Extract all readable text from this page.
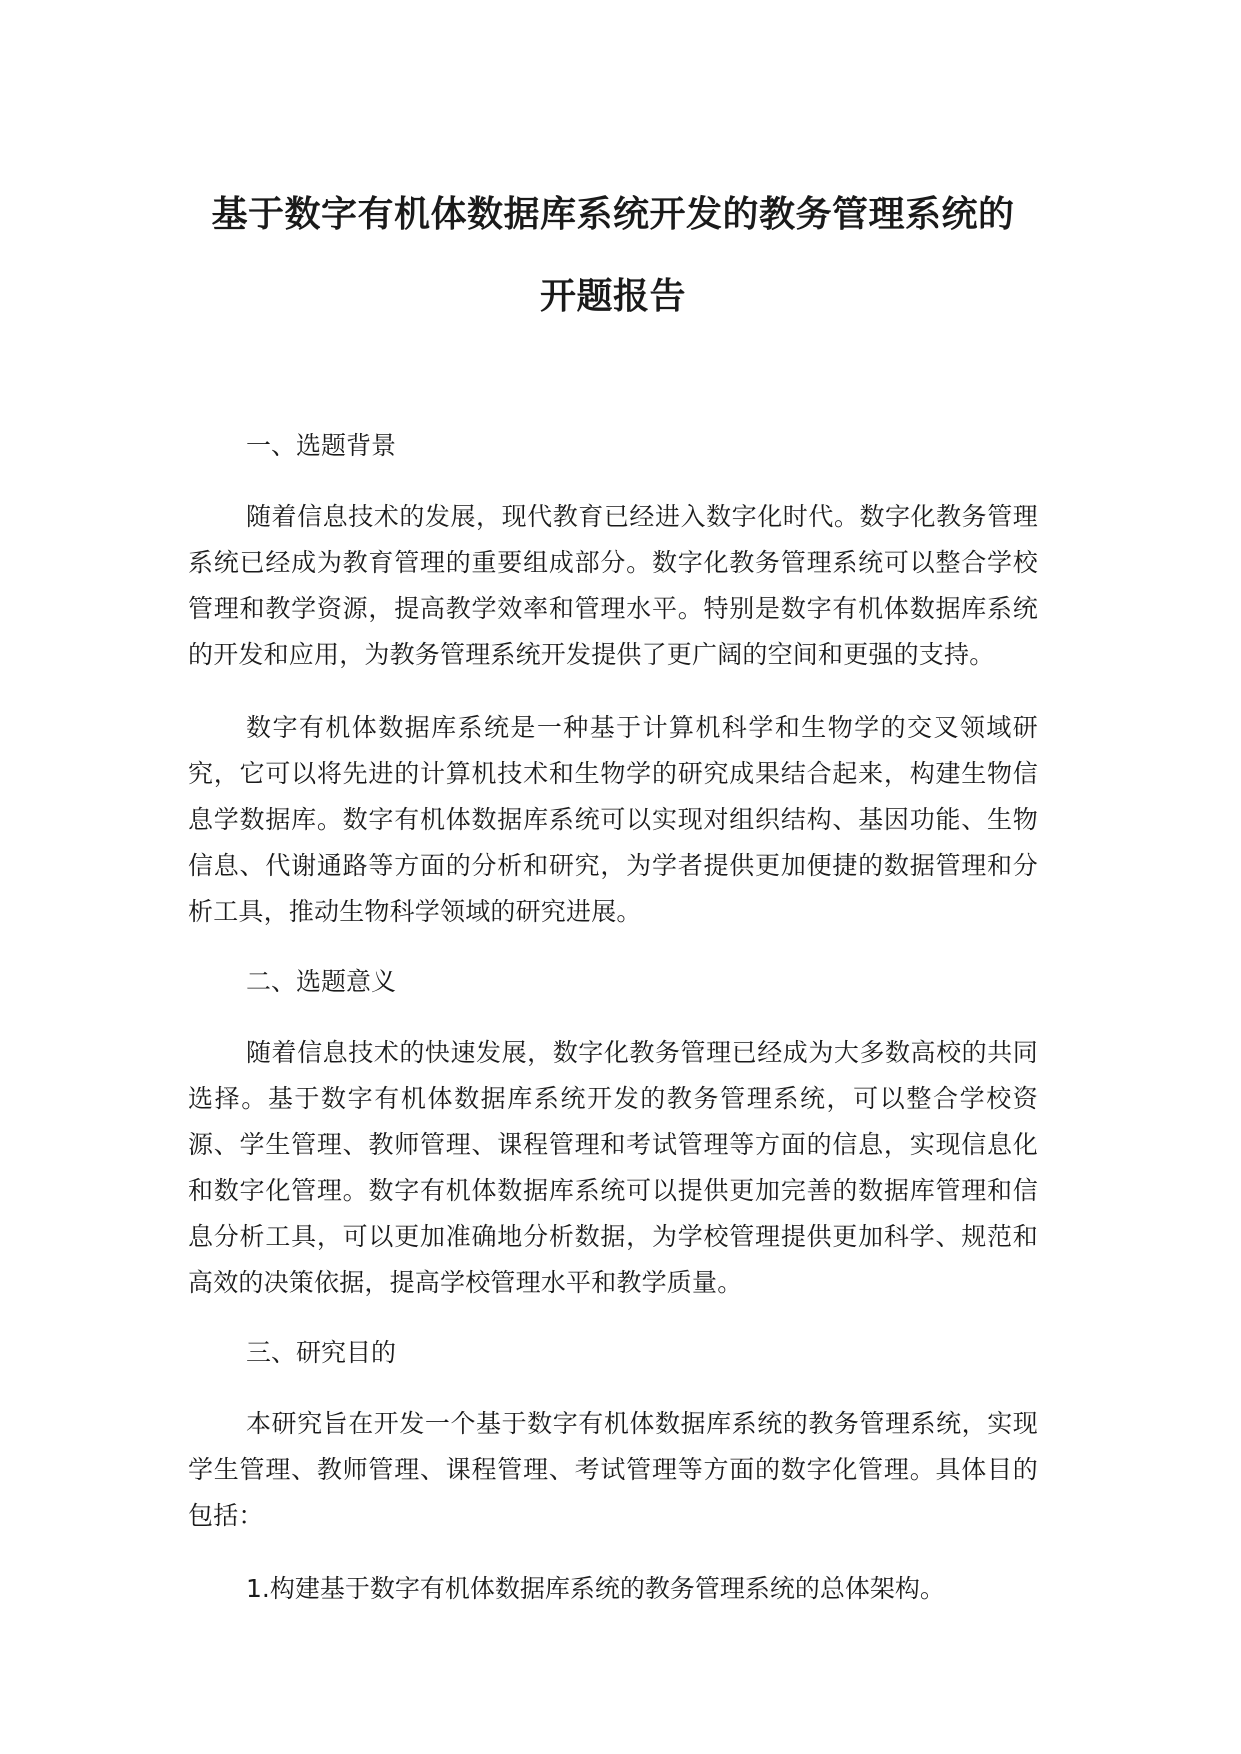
基于数字有机体数据库系统开发的教务管理系统的
开题报告

一、选题背景

随着信息技术的发展，现代教育已经进入数字化时代。数字化教务管理系统已经成为教育管理的重要组成部分。数字化教务管理系统可以整合学校管理和教学资源，提高教学效率和管理水平。特别是数字有机体数据库系统的开发和应用，为教务管理系统开发提供了更广阔的空间和更强的支持。

数字有机体数据库系统是一种基于计算机科学和生物学的交叉领域研究，它可以将先进的计算机技术和生物学的研究成果结合起来，构建生物信息学数据库。数字有机体数据库系统可以实现对组织结构、基因功能、生物信息、代谢通路等方面的分析和研究，为学者提供更加便捷的数据管理和分析工具，推动生物科学领域的研究进展。

二、选题意义

随着信息技术的快速发展，数字化教务管理已经成为大多数高校的共同选择。基于数字有机体数据库系统开发的教务管理系统，可以整合学校资源、学生管理、教师管理、课程管理和考试管理等方面的信息，实现信息化和数字化管理。数字有机体数据库系统可以提供更加完善的数据库管理和信息分析工具，可以更加准确地分析数据，为学校管理提供更加科学、规范和高效的决策依据，提高学校管理水平和教学质量。

三、研究目的

本研究旨在开发一个基于数字有机体数据库系统的教务管理系统，实现学生管理、教师管理、课程管理、考试管理等方面的数字化管理。具体目的包括：

1.构建基于数字有机体数据库系统的教务管理系统的总体架构。
